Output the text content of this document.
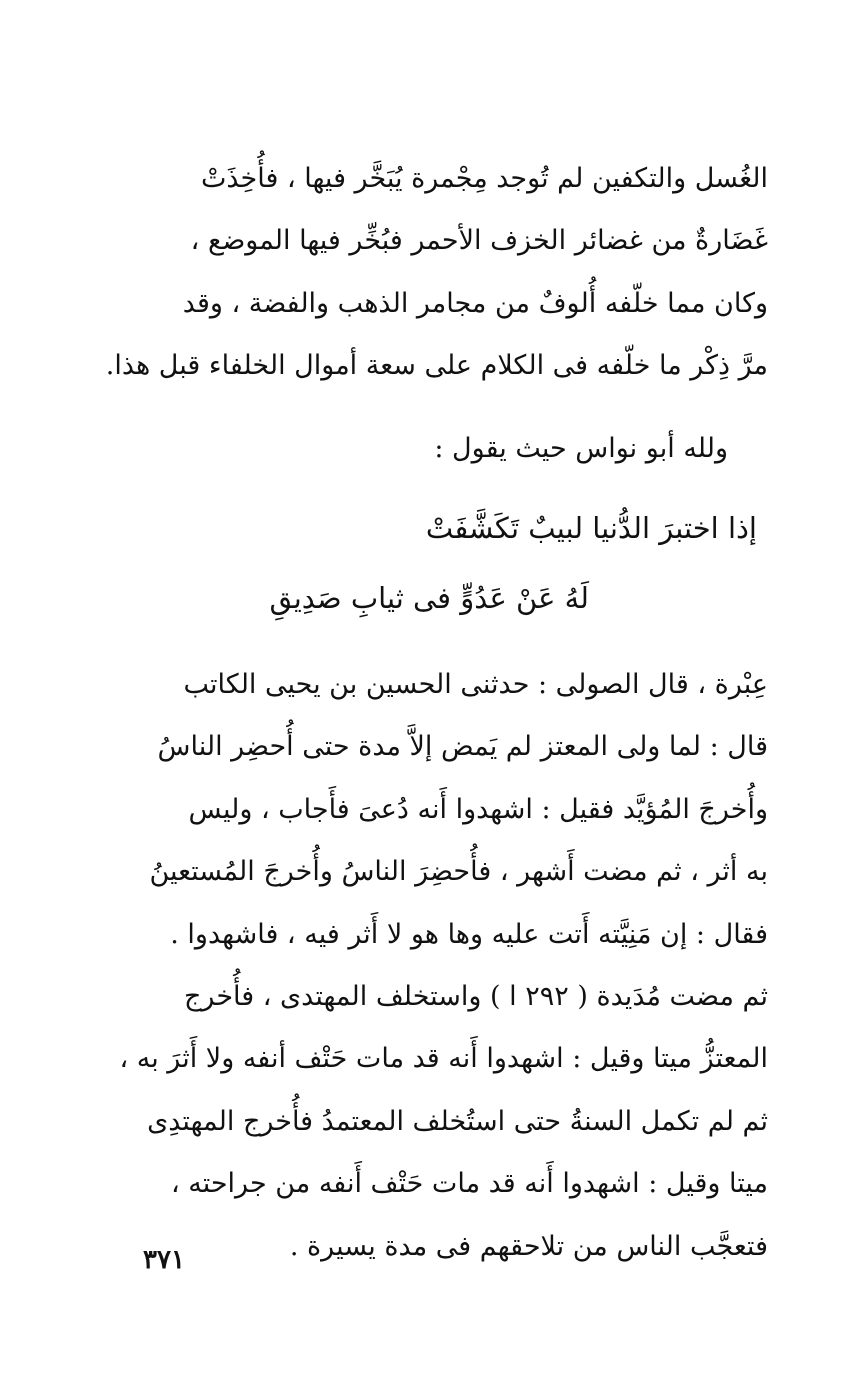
الغُسل والتكفين لم تُوجد مِجْمرة يُبَخَّر فيها ، فأُخِذَتْ
غَضَارةٌ من غضائر الخزف الأحمر فبُخِّر فيها الموضع ،
وكان مما خلّفه أُلوفٌ من مجامر الذهب والفضة ، وقد
مرَّ ذِكْر ما خلّفه فى الكلام على سعة أموال الخلفاء قبل هذا.
ولله أبو نواس حيث يقول :
إذا اختبرَ الدُّنيا لبيبٌ تَكَشَّفَتْ
لَهُ عَنْ عَدُوٍّ فى ثيابِ صَدِيقِ
عِبْرة ، قال الصولى : حدثنى الحسين بن يحيى الكاتب
قال : لما ولى المعتز لم يَمض إلاَّ مدة حتى أُحضِر الناسُ
وأُخرجَ المُؤيَّد فقيل : اشهدوا أَنه دُعىَ فأَجاب ، وليس
به أثر ، ثم مضت أَشهر ، فأُحضِرَ الناسُ وأُخرجَ المُستعينُ
فقال : إن مَنِيَّته أَتت عليه وها هو لا أَثر فيه ، فاشهدوا .
ثم مضت مُدَيدة ( ٢٩٢ ا ) واستخلف المهتدى ، فأُخرج
المعتزُّ ميتا وقيل : اشهدوا أَنه قد مات حَتْف أنفه ولا أَثرَ به ،
ثم لم تكمل السنةُ حتى استُخلف المعتمدُ فأُخرج المهتدِى
ميتا وقيل : اشهدوا أَنه قد مات حَتْف أَنفه من جراحته ،
فتعجَّب الناس من تلاحقهم فى مدة يسيرة .
٣٧١
